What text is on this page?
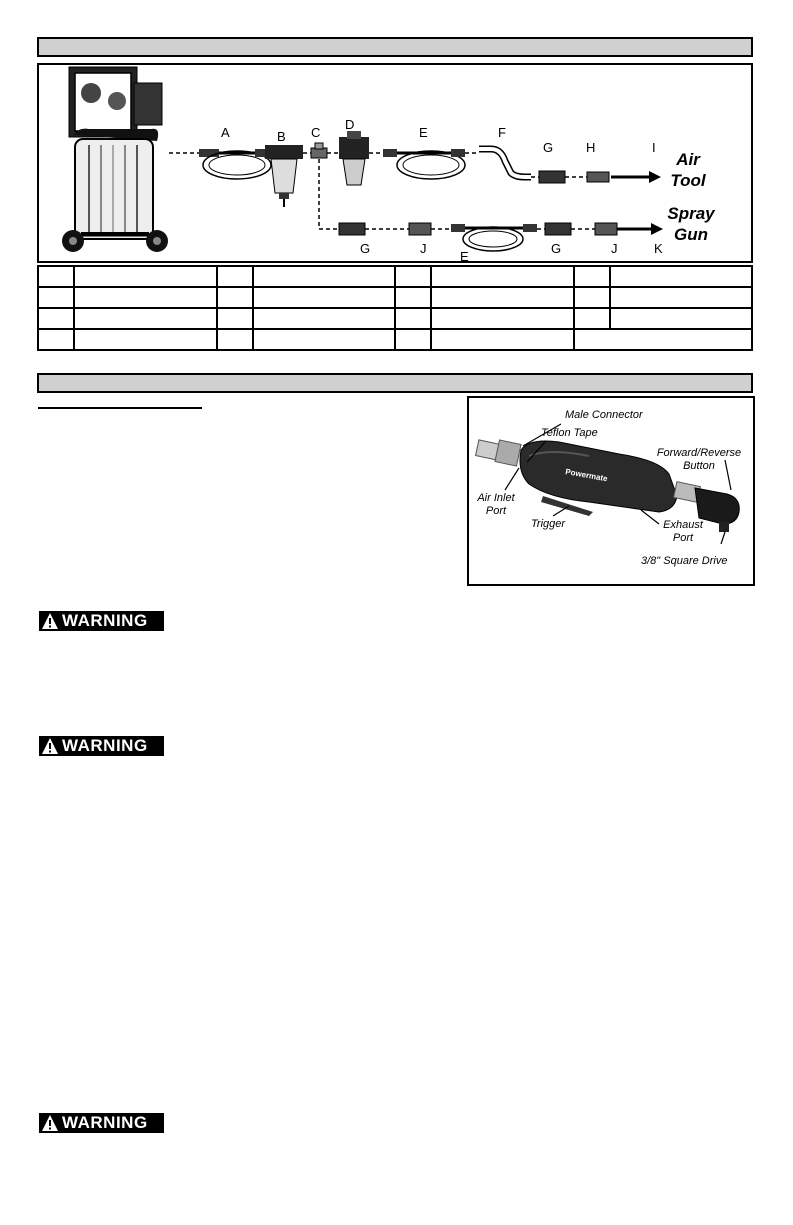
A	B C
D
E	F
G	H	I
G	J
E
G	J	K
Air
Tool
Spray
Gun

Powermate
Male Connector
Teflon Tape
Forward/Reverse
Button
Air Inlet
Port
Trigger	Exhaust
Port
3/8" Square Drive
WARNING
WARNING
WARNING
